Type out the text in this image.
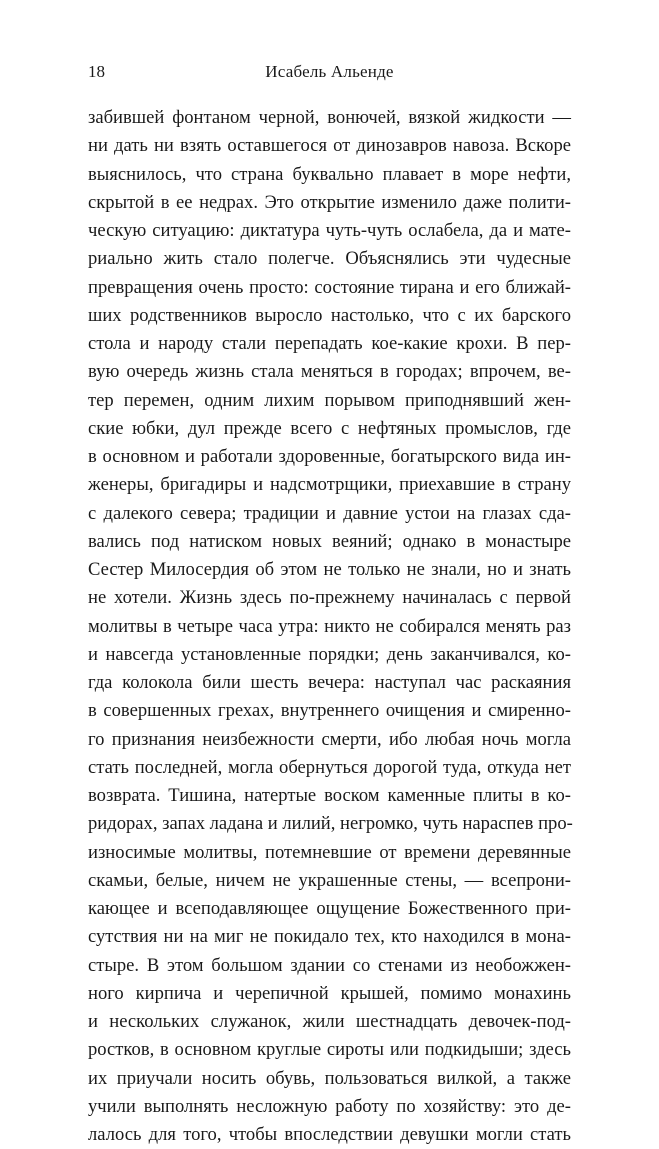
18	Исабель Альенде
забившей фонтаном черной, вонючей, вязкой жидкости —
ни дать ни взять оставшегося от динозавров навоза. Вскоре
выяснилось, что страна буквально плавает в море нефти,
скрытой в ее недрах. Это открытие изменило даже полити-
ческую ситуацию: диктатура чуть-чуть ослабела, да и мате-
риально жить стало полегче. Объяснялись эти чудесные
превращения очень просто: состояние тирана и его ближай-
ших родственников выросло настолько, что с их барского
стола и народу стали перепадать кое-какие крохи. В пер-
вую очередь жизнь стала меняться в городах; впрочем, ве-
тер перемен, одним лихим порывом приподнявший жен-
ские юбки, дул прежде всего с нефтяных промыслов, где
в основном и работали здоровенные, богатырского вида ин-
женеры, бригадиры и надсмотрщики, приехавшие в страну
с далекого севера; традиции и давние устои на глазах сда-
вались под натиском новых веяний; однако в монастыре
Сестер Милосердия об этом не только не знали, но и знать
не хотели. Жизнь здесь по-прежнему начиналась с первой
молитвы в четыре часа утра: никто не собирался менять раз
и навсегда установленные порядки; день заканчивался, ко-
гда колокола били шесть вечера: наступал час раскаяния
в совершенных грехах, внутреннего очищения и смиренно-
го признания неизбежности смерти, ибо любая ночь могла
стать последней, могла обернуться дорогой туда, откуда нет
возврата. Тишина, натертые воском каменные плиты в ко-
ридорах, запах ладана и лилий, негромко, чуть нараспев про-
износимые молитвы, потемневшие от времени деревянные
скамьи, белые, ничем не украшенные стены, — всепрони-
кающее и всеподавляющее ощущение Божественного при-
сутствия ни на миг не покидало тех, кто находился в мона-
стыре. В этом большом здании со стенами из необожжен-
ного кирпича и черепичной крышей, помимо монахинь
и нескольких служанок, жили шестнадцать девочек-под-
ростков, в основном круглые сироты или подкидыши; здесь
их приучали носить обувь, пользоваться вилкой, а также
учили выполнять несложную работу по хозяйству: это де-
лалось для того, чтобы впоследствии девушки могли стать
